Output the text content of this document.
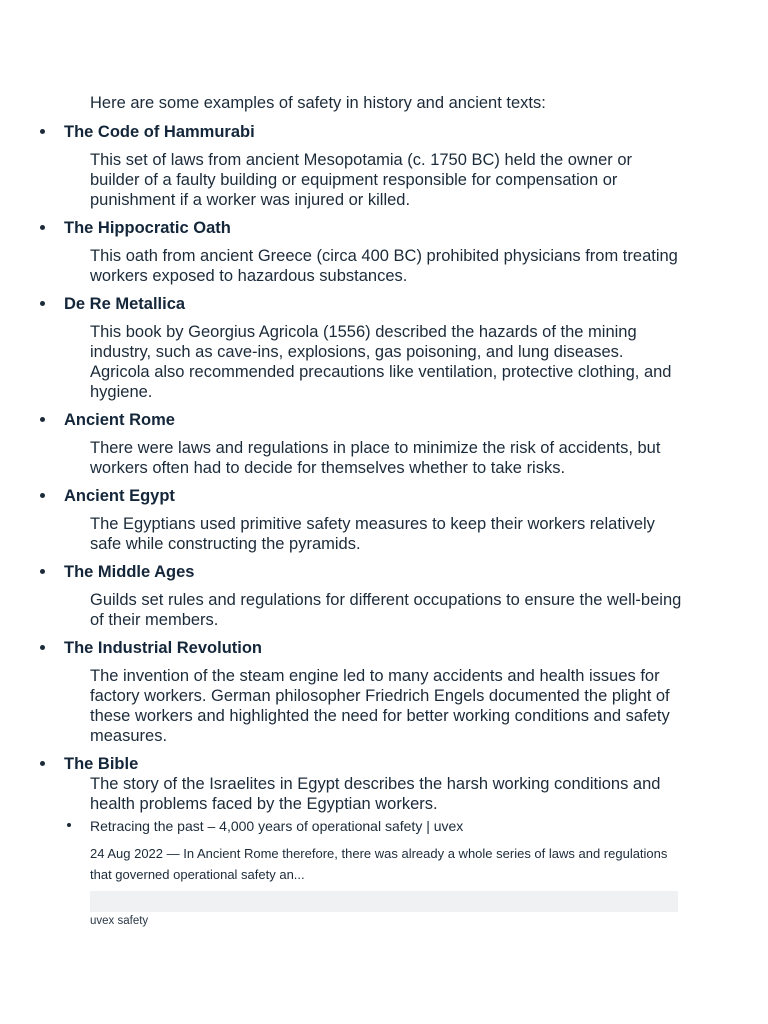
Here are some examples of safety in history and ancient texts:

The Code of Hammurabi

This set of laws from ancient Mesopotamia (c. 1750 BC) held the owner or builder of a faulty building or equipment responsible for compensation or punishment if a worker was injured or killed.

The Hippocratic Oath

This oath from ancient Greece (circa 400 BC) prohibited physicians from treating workers exposed to hazardous substances.

De Re Metallica

This book by Georgius Agricola (1556) described the hazards of the mining industry, such as cave-ins, explosions, gas poisoning, and lung diseases. Agricola also recommended precautions like ventilation, protective clothing, and hygiene.

Ancient Rome

There were laws and regulations in place to minimize the risk of accidents, but workers often had to decide for themselves whether to take risks.

Ancient Egypt

The Egyptians used primitive safety measures to keep their workers relatively safe while constructing the pyramids.

The Middle Ages

Guilds set rules and regulations for different occupations to ensure the well-being of their members.

The Industrial Revolution

The invention of the steam engine led to many accidents and health issues for factory workers. German philosopher Friedrich Engels documented the plight of these workers and highlighted the need for better working conditions and safety measures.

The Bible

The story of the Israelites in Egypt describes the harsh working conditions and health problems faced by the Egyptian workers.

Retracing the past – 4,000 years of operational safety | uvex

24 Aug 2022 — In Ancient Rome therefore, there was already a whole series of laws and regulations that governed operational safety an...

uvex safety
